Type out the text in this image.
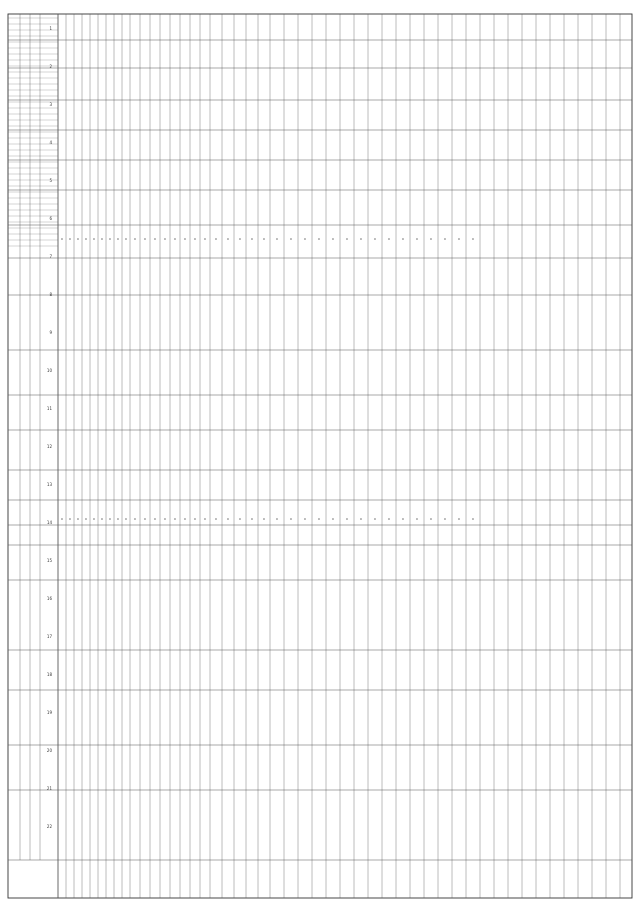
1
2
3
4
5
6
7
8
9
10
11
12
13
14
15
16
17
18
19
20
21
22
0
0
0
0
0
0
0
0
0
0
0
0
0
0
0
0
0
0
0
0
0
0
0
0
0
0
0
0
0
0
0
0
0
0
0
0
0
0
0
0
0
0
0
0
0
0
0
0
0
0
0
0
0
0
0
0
0
0
0
0
0
0
0
0
0
0
0
0
0
0
0
0
0
0
